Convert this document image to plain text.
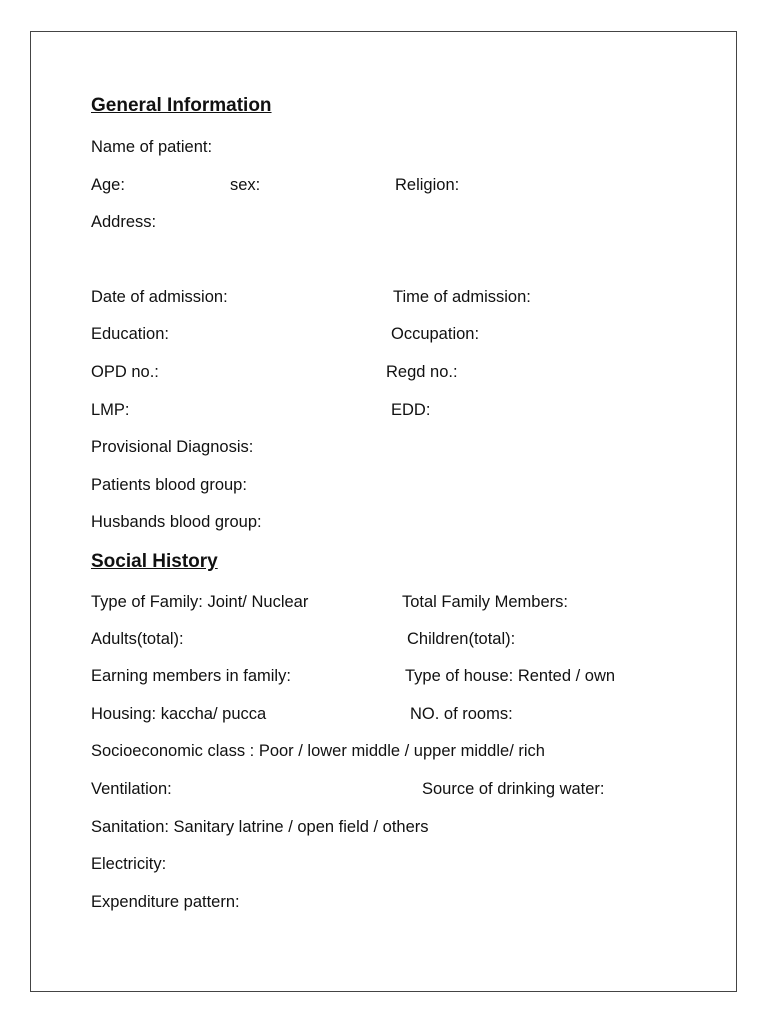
General Information
Name of patient:
Age:	sex:	Religion:
Address:
Date of admission:	Time of admission:
Education:	Occupation:
OPD no.:	Regd no.:
LMP:	EDD:
Provisional Diagnosis:
Patients blood group:
Husbands blood group:
Social History
Type of Family: Joint/ Nuclear	Total Family Members:
Adults(total):	Children(total):
Earning members in family:	Type of house: Rented / own
Housing: kaccha/ pucca	NO. of rooms:
Socioeconomic class : Poor / lower middle / upper middle/ rich
Ventilation:	Source of drinking water:
Sanitation: Sanitary latrine / open field / others
Electricity:
Expenditure pattern:
